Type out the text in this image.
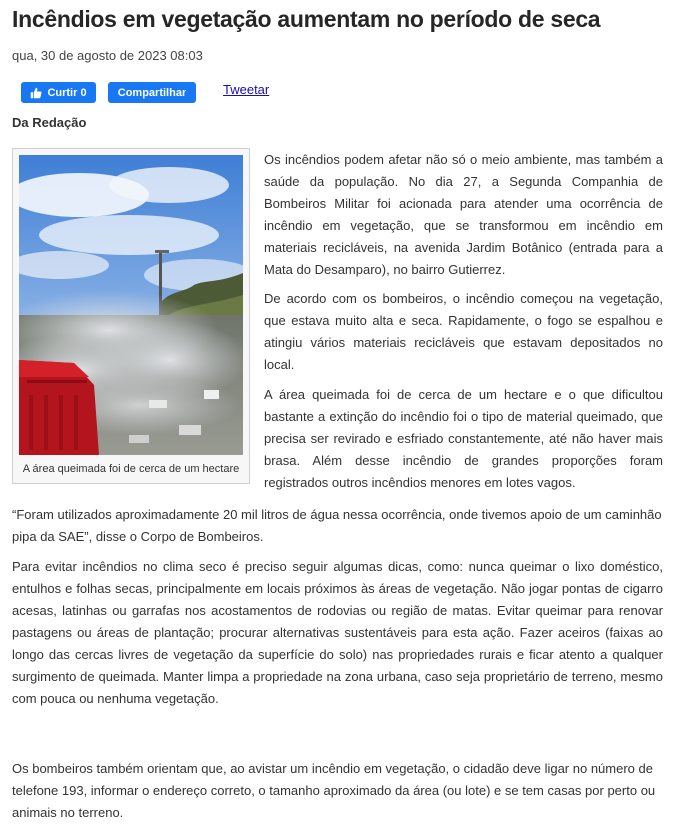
Incêndios em vegetação aumentam no período de seca
qua, 30 de agosto de 2023 08:03
Curtir 0	Compartilhar	Tweetar
Da Redação
A área queimada foi de cerca de um hectare

Os incêndios podem afetar não só o meio ambiente, mas também a saúde da população. No dia 27, a Segunda Companhia de Bombeiros Militar foi acionada para atender uma ocorrência de incêndio em vegetação, que se transformou em incêndio em materiais recicláveis, na avenida Jardim Botânico (entrada para a Mata do Desamparo), no bairro Gutierrez.

De acordo com os bombeiros, o incêndio começou na vegetação, que estava muito alta e seca. Rapidamente, o fogo se espalhou e atingiu vários materiais recicláveis que estavam depositados no local.

A área queimada foi de cerca de um hectare e o que dificultou bastante a extinção do incêndio foi o tipo de material queimado, que precisa ser revirado e esfriado constantemente, até não haver mais brasa. Além desse incêndio de grandes proporções foram registrados outros incêndios menores em lotes vagos.

“Foram utilizados aproximadamente 20 mil litros de água nessa ocorrência, onde tivemos apoio de um caminhão pipa da SAE”, disse o Corpo de Bombeiros.

Para evitar incêndios no clima seco é preciso seguir algumas dicas, como: nunca queimar o lixo doméstico, entulhos e folhas secas, principalmente em locais próximos às áreas de vegetação. Não jogar pontas de cigarro acesas, latinhas ou garrafas nos acostamentos de rodovias ou região de matas. Evitar queimar para renovar pastagens ou áreas de plantação; procurar alternativas sustentáveis para esta ação. Fazer aceiros (faixas ao longo das cercas livres de vegetação da superfície do solo) nas propriedades rurais e ficar atento a qualquer surgimento de queimada. Manter limpa a propriedade na zona urbana, caso seja proprietário de terreno, mesmo com pouca ou nenhuma vegetação.

Os bombeiros também orientam que, ao avistar um incêndio em vegetação, o cidadão deve ligar no número de telefone 193, informar o endereço correto, o tamanho aproximado da área (ou lote) e se tem casas por perto ou animais no terreno.
